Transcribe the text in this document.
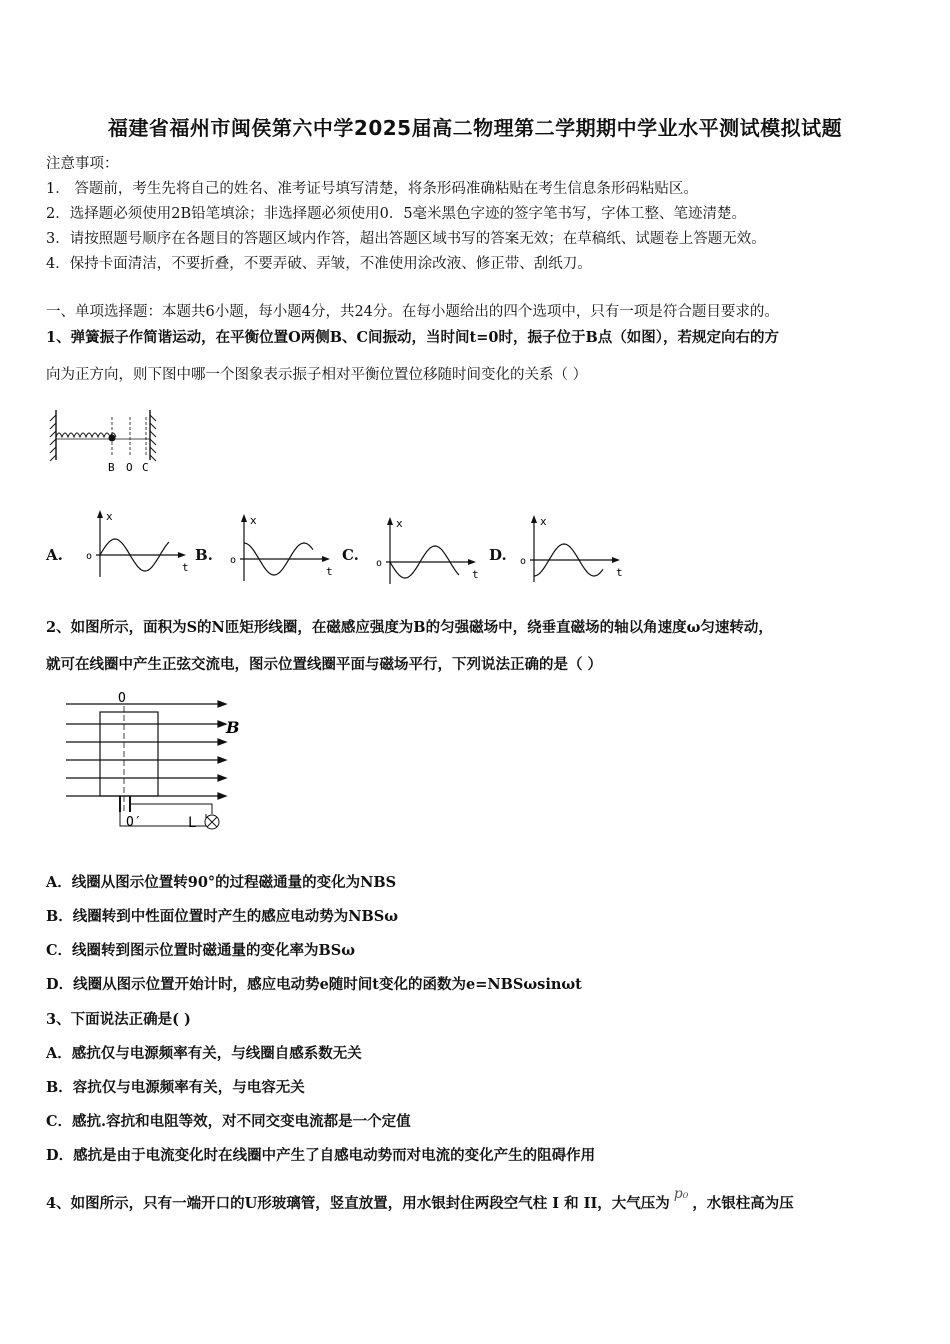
福建省福州市闽侯第六中学2025届高二物理第二学期期中学业水平测试模拟试题
注意事项：
1． 答题前，考生先将自己的姓名、准考证号填写清楚，将条形码准确粘贴在考生信息条形码粘贴区。
2．选择题必须使用2B铅笔填涂；非选择题必须使用0．5毫米黑色字迹的签字笔书写，字体工整、笔迹清楚。
3．请按照题号顺序在各题目的答题区域内作答，超出答题区域书写的答案无效；在草稿纸、试题卷上答题无效。
4．保持卡面清洁，不要折叠，不要弄破、弄皱，不准使用涂改液、修正带、刮纸刀。
一、单项选择题：本题共6小题，每小题4分，共24分。在每小题给出的四个选项中，只有一项是符合题目要求的。
1、弹簧振子作简谐运动，在平衡位置O两侧B、C间振动，当时间t=0时，振子位于B点（如图），若规定向右的方
向为正方向，则下图中哪一个图象表示振子相对平衡位置位移随时间变化的关系（ ）
B O C
A.	B.	C.	D.
x
t
o
x
t
o
x
t
o
x
t
o
2、如图所示，面积为S的N匝矩形线圈，在磁感应强度为B的匀强磁场中，绕垂直磁场的轴以角速度ω匀速转动，
就可在线圈中产生正弦交流电，图示位置线圈平面与磁场平行，下列说法正确的是（ ）
O
B
O′	L
A．线圈从图示位置转90°的过程磁通量的变化为NBS
B．线圈转到中性面位置时产生的感应电动势为NBSω
C．线圈转到图示位置时磁通量的变化率为BSω
D．线圈从图示位置开始计时，感应电动势e随时间t变化的函数为e=NBSωsinωt
3、下面说法正确是( )
A．感抗仅与电源频率有关，与线圈自感系数无关
B．容抗仅与电源频率有关，与电容无关
C．感抗.容抗和电阻等效，对不同交变电流都是一个定值
D．感抗是由于电流变化时在线圈中产生了自感电动势而对电流的变化产生的阻碍作用
4、如图所示，只有一端开口的U形玻璃管，竖直放置，用水银封住两段空气柱 I 和 II，大气压为p₀，水银柱高为压
